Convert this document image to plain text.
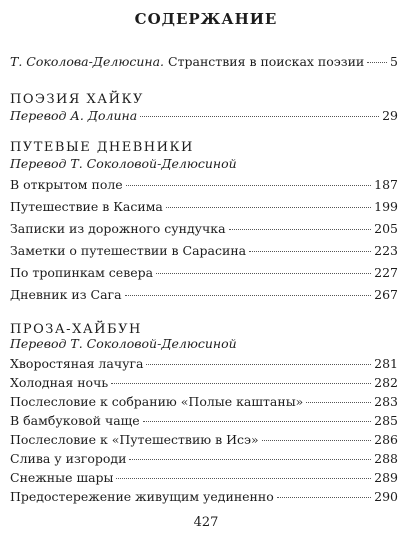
СОДЕРЖАНИЕ
Т. Соколова-Делюсина. Странствия в поисках поэзии 5
ПОЭЗИЯ ХАЙКУ
Перевод А. Долина	29
ПУТЕВЫЕ ДНЕВНИКИ
Перевод Т. Соколовой-Делюсиной
В открытом поле	187
Путешествие в Касима	199
Записки из дорожного сундучка	205
Заметки о путешествии в Сарасина	223
По тропинкам севера	227
Дневник из Сага	267
ПРОЗА-ХАЙБУН
Перевод Т. Соколовой-Делюсиной
Хворостяная лачуга	281
Холодная ночь	282
Послесловие к собранию «Полые каштаны»	283
В бамбуковой чаще	285
Послесловие к «Путешествию в Исэ»	286
Слива у изгороди	288
Снежные шары	289
427
Предостережение живущим уединенно	290
